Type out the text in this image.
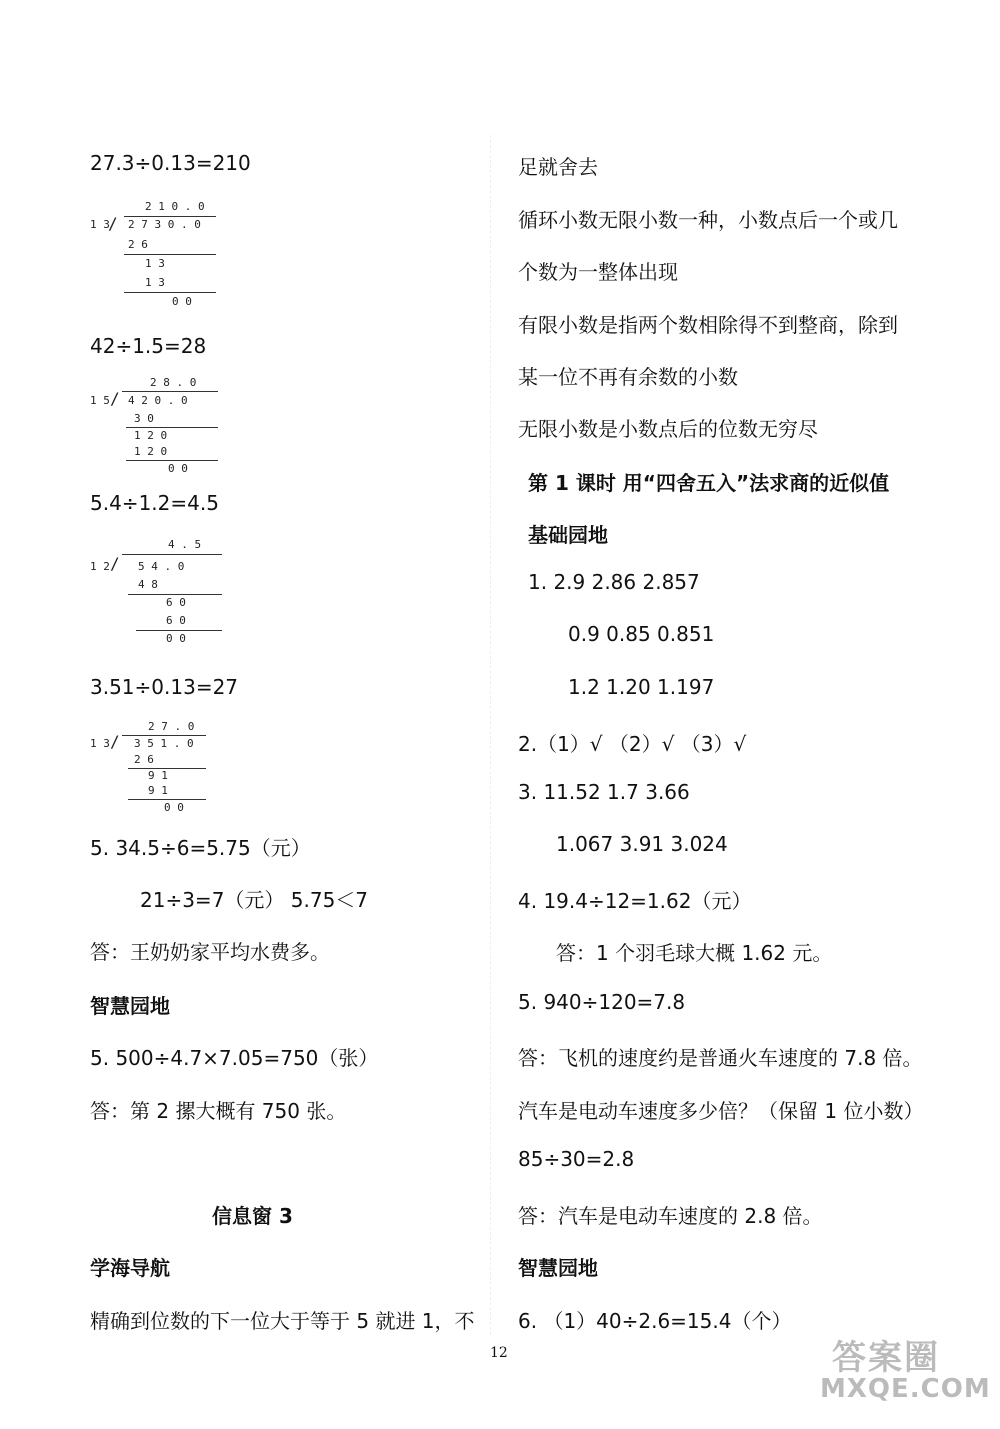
27.3÷0.13=210
2 1 0 . 0
1 3
/ 2 7 3 0 . 0
2 6
1 3
1 3
0 0
42÷1.5=28
2 8 . 0
1 5 / 4 2 0 . 0
3 0
1 2 0
1 2 0
0 0
5.4÷1.2=4.5
4 . 5
1 2 / 5 4 . 0
4 8
6 0
6 0
0 0
3.51÷0.13=27
2 7 . 0
1 3 / 3 5 1 . 0
2 6
9 1
9 1
0 0
5. 34.5÷6=5.75（元）
21÷3=7（元） 5.75＜7
答：王奶奶家平均水费多。
智慧园地
5. 500÷4.7×7.05=750（张）
答：第 2 摞大概有 750 张。
信息窗 3
学海导航
精确到位数的下一位大于等于 5 就进 1，不
足就舍去
循环小数无限小数一种，小数点后一个或几
个数为一整体出现
有限小数是指两个数相除得不到整商，除到
某一位不再有余数的小数
无限小数是小数点后的位数无穷尽
第 1 课时 用“四舍五入”法求商的近似值
基础园地
1. 2.9 2.86 2.857
0.9 0.85 0.851
1.2 1.20 1.197
2.（1）√ （2）√ （3）√
3. 11.52 1.7 3.66
1.067 3.91 3.024
4. 19.4÷12=1.62（元）
答：1 个羽毛球大概 1.62 元。
5. 940÷120=7.8
答：飞机的速度约是普通火车速度的 7.8 倍。
汽车是电动车速度多少倍？（保留 1 位小数）
85÷30=2.8
答：汽车是电动车速度的 2.8 倍。
智慧园地
6. （1）40÷2.6=15.4（个）
12	答案圈
MXQE.COM
